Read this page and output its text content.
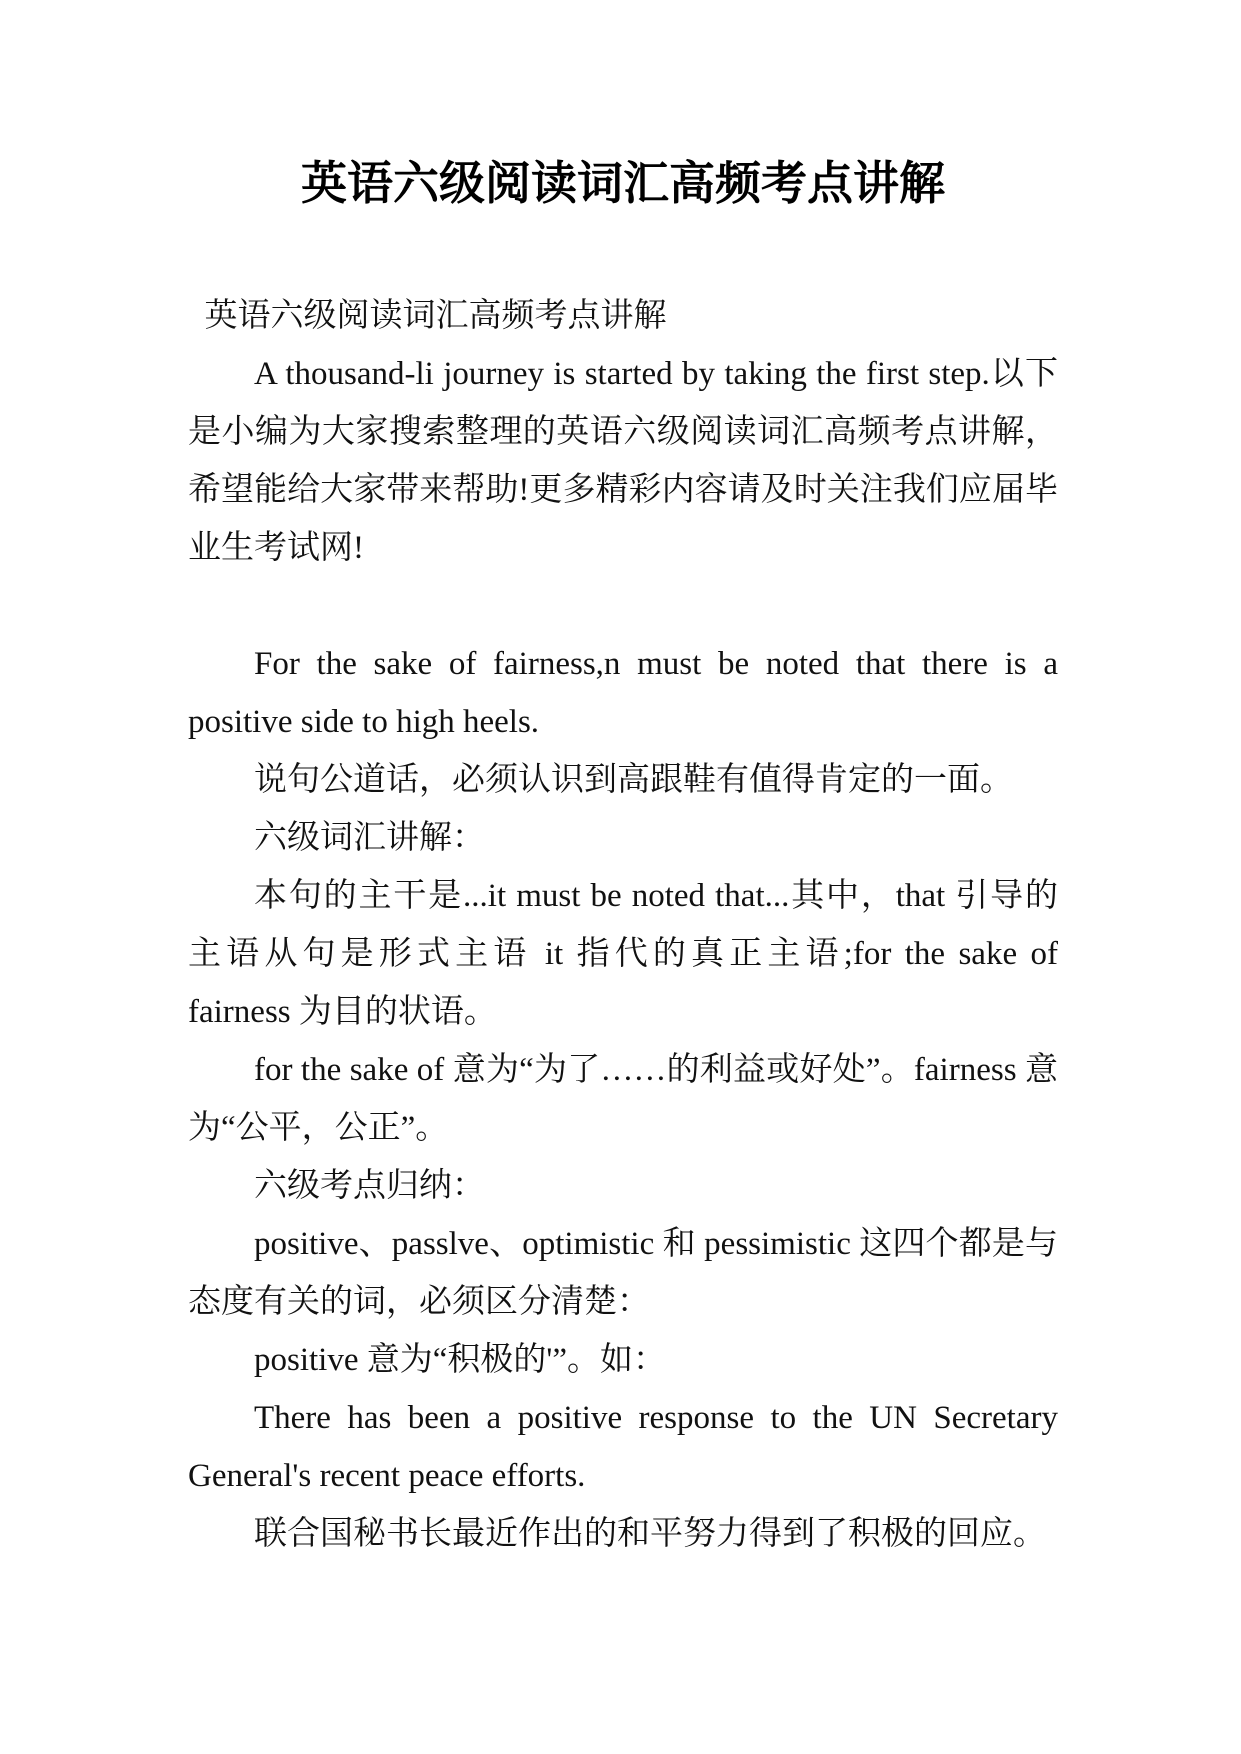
英语六级阅读词汇高频考点讲解

英语六级阅读词汇高频考点讲解

A thousand-li journey is started by taking the first step.以下是小编为大家搜索整理的英语六级阅读词汇高频考点讲解，希望能给大家带来帮助!更多精彩内容请及时关注我们应届毕业生考试网!

For the sake of fairness,n must be noted that there is a positive side to high heels.

说句公道话，必须认识到高跟鞋有值得肯定的一面。

六级词汇讲解：

本句的主干是...it must be noted that...其中，that 引导的主语从句是形式主语 it 指代的真正主语;for the sake of fairness 为目的状语。

for the sake of 意为“为了……的利益或好处”。fairness 意为“公平，公正”。

六级考点归纳：

positive、passlve、optimistic 和 pessimistic 这四个都是与态度有关的词，必须区分清楚：

positive 意为“积极的'”。如：

There has been a positive response to the UN Secretary General's recent peace efforts.

联合国秘书长最近作出的和平努力得到了积极的回应。
